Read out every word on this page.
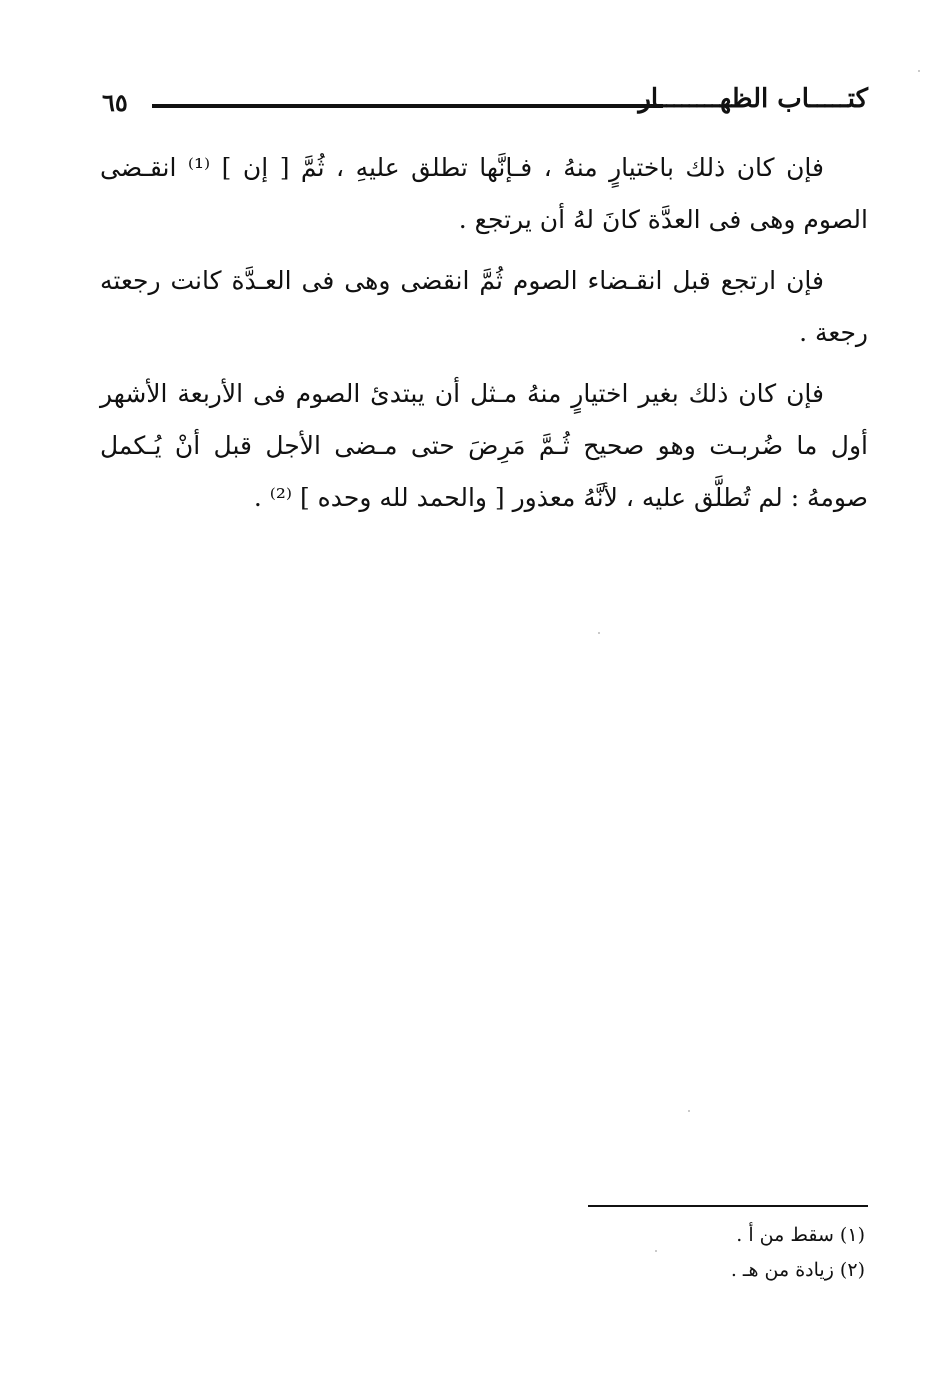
٦٥	كتـــــاب الظهــــــــار

فإن كان ذلك باختيارٍ منهُ ، فـإنَّها تطلق عليهِ ، ثُمَّ [ إن ] ⁽¹⁾ انقـضى الصوم وهى فى العدَّة كانَ لهُ أن يرتجع .

فإن ارتجع قبل انقـضاء الصوم ثُمَّ انقضى وهى فى العـدَّة كانت رجعته رجعة .

فإن كان ذلك بغير اختيارٍ منهُ مـثل أن يبتدئ الصوم فى الأربعة الأشهر أول ما ضُربـت وهو صحيح ثُـمَّ مَرِضَ حتى مـضى الأجل قبل أنْ يُـكمل صومهُ : لم تُطلَّق عليه ، لأنَّهُ معذور [ والحمد لله وحده ] ⁽²⁾ .

(١) سقط من أ .
(٢) زيادة من هـ .
